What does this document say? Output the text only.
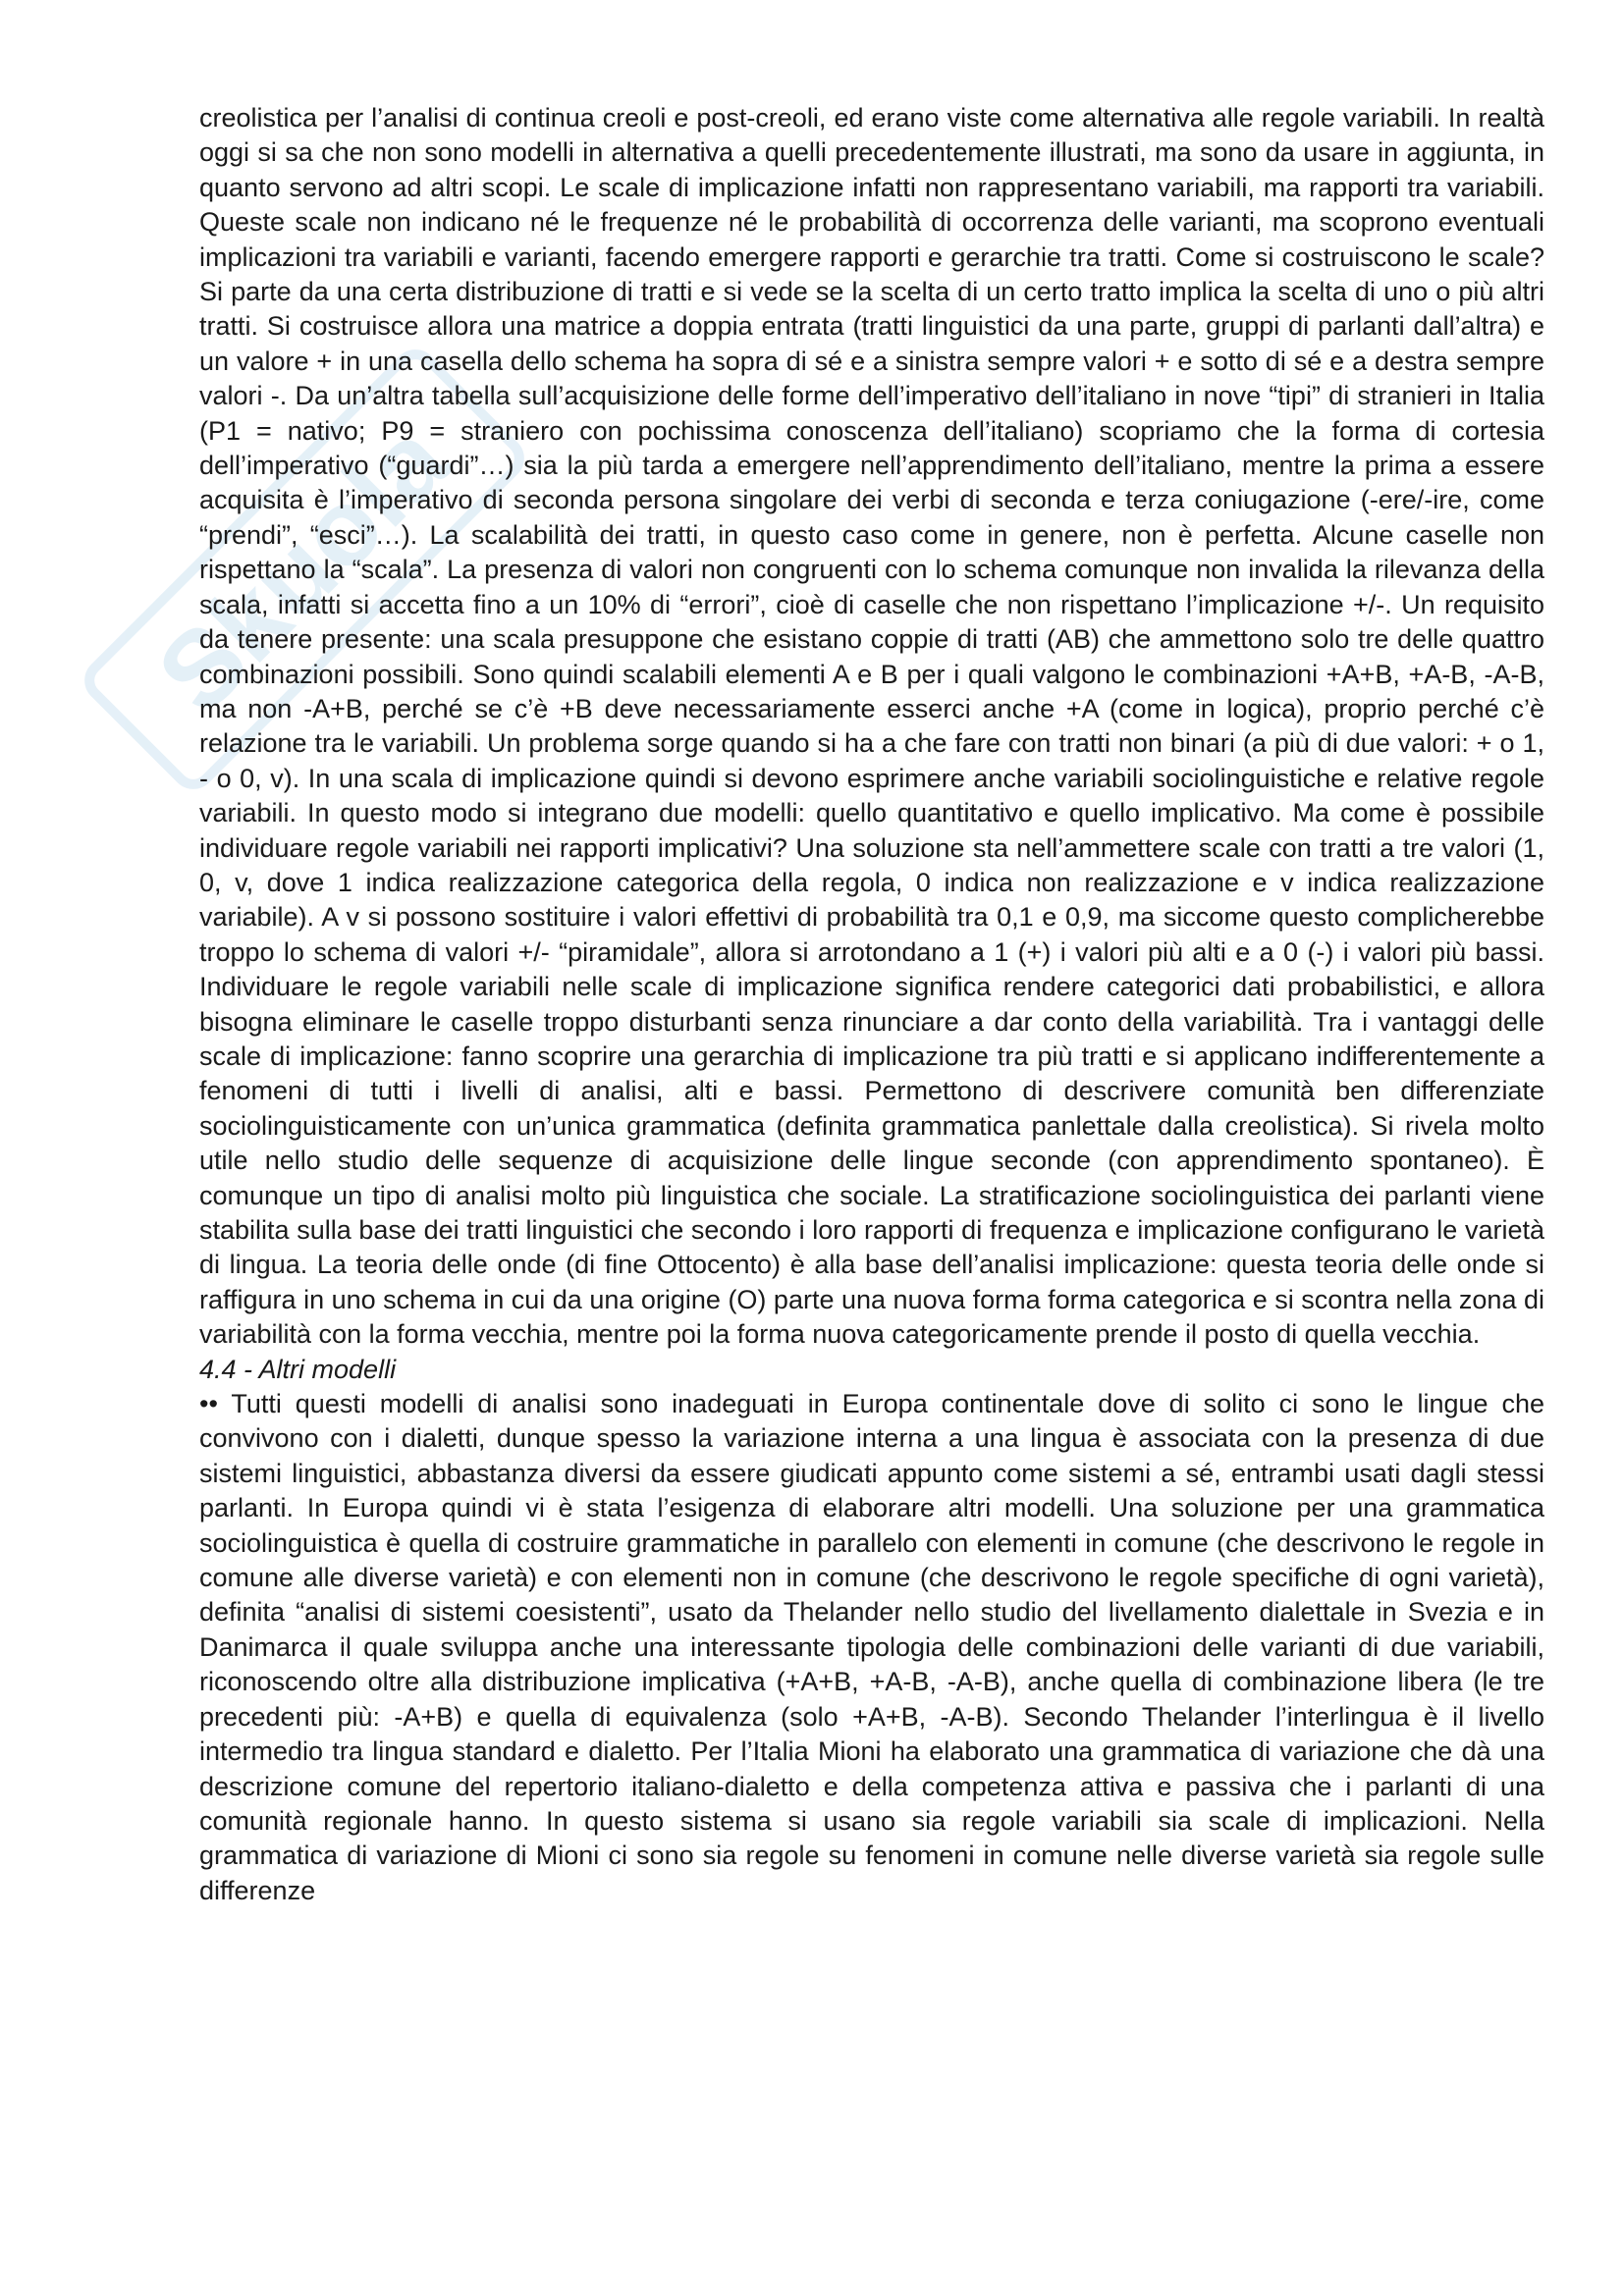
Skuola

creolistica per l’analisi di continua creoli e post-creoli, ed erano viste come alternativa alle regole variabili. In realtà oggi si sa che non sono modelli in alternativa a quelli precedentemente illustrati, ma sono da usare in aggiunta, in quanto servono ad altri scopi. Le scale di implicazione infatti non rappresentano variabili, ma rapporti tra variabili. Queste scale non indicano né le frequenze né le probabilità di occorrenza delle varianti, ma scoprono eventuali implicazioni tra variabili e varianti, facendo emergere rapporti e gerarchie tra tratti. Come si costruiscono le scale? Si parte da una certa distribuzione di tratti e si vede se la scelta di un certo tratto implica la scelta di uno o più altri tratti. Si costruisce allora una matrice a doppia entrata (tratti linguistici da una parte, gruppi di parlanti dall’altra) e un valore + in una casella dello schema ha sopra di sé e a sinistra sempre valori + e sotto di sé e a destra sempre valori -. Da un’altra tabella sull’acquisizione delle forme dell’imperativo dell’italiano in nove “tipi” di stranieri in Italia (P1 = nativo; P9 = straniero con pochissima conoscenza dell’italiano) scopriamo che la forma di cortesia dell’imperativo (“guardi”…) sia la più tarda a emergere nell’apprendimento dell’italiano, mentre la prima a essere acquisita è l’imperativo di seconda persona singolare dei verbi di seconda e terza coniugazione (-ere/-ire, come “prendi”, “esci”…). La scalabilità dei tratti, in questo caso come in genere, non è perfetta. Alcune caselle non rispettano la “scala”. La presenza di valori non congruenti con lo schema comunque non invalida la rilevanza della scala, infatti si accetta fino a un 10% di “errori”, cioè di caselle che non rispettano l’implicazione +/-. Un requisito da tenere presente: una scala presuppone che esistano coppie di tratti (AB) che ammettono solo tre delle quattro combinazioni possibili. Sono quindi scalabili elementi A e B per i quali valgono le combinazioni +A+B, +A-B, -A-B, ma non -A+B, perché se c’è +B deve necessariamente esserci anche +A (come in logica), proprio perché c’è relazione tra le variabili. Un problema sorge quando si ha a che fare con tratti non binari (a più di due valori: + o 1, - o 0, v). In una scala di implicazione quindi si devono esprimere anche variabili sociolinguistiche e relative regole variabili. In questo modo si integrano due modelli: quello quantitativo e quello implicativo. Ma come è possibile individuare regole variabili nei rapporti implicativi? Una soluzione sta nell’ammettere scale con tratti a tre valori (1, 0, v, dove 1 indica realizzazione categorica della regola, 0 indica non realizzazione e v indica realizzazione variabile). A v si possono sostituire i valori effettivi di probabilità tra 0,1 e 0,9, ma siccome questo complicherebbe troppo lo schema di valori +/- “piramidale”, allora si arrotondano a 1 (+) i valori più alti e a 0 (-) i valori più bassi. Individuare le regole variabili nelle scale di implicazione significa rendere categorici dati probabilistici, e allora bisogna eliminare le caselle troppo disturbanti senza rinunciare a dar conto della variabilità. Tra i vantaggi delle scale di implicazione: fanno scoprire una gerarchia di implicazione tra più tratti e si applicano indifferentemente a fenomeni di tutti i livelli di analisi, alti e bassi. Permettono di descrivere comunità ben differenziate sociolinguisticamente con un’unica grammatica (definita grammatica panlettale dalla creolistica). Si rivela molto utile nello studio delle sequenze di acquisizione delle lingue seconde (con apprendimento spontaneo). È comunque un tipo di analisi molto più linguistica che sociale. La stratificazione sociolinguistica dei parlanti viene stabilita sulla base dei tratti linguistici che secondo i loro rapporti di frequenza e implicazione configurano le varietà di lingua. La teoria delle onde (di fine Ottocento) è alla base dell’analisi implicazione: questa teoria delle onde si raffigura in uno schema in cui da una origine (O) parte una nuova forma forma categorica e si scontra nella zona di variabilità con la forma vecchia, mentre poi la forma nuova categoricamente prende il posto di quella vecchia.

4.4 - Altri modelli

•• Tutti questi modelli di analisi sono inadeguati in Europa continentale dove di solito ci sono le lingue che convivono con i dialetti, dunque spesso la variazione interna a una lingua è associata con la presenza di due sistemi linguistici, abbastanza diversi da essere giudicati appunto come sistemi a sé, entrambi usati dagli stessi parlanti. In Europa quindi vi è stata l’esigenza di elaborare altri modelli. Una soluzione per una grammatica sociolinguistica è quella di costruire grammatiche in parallelo con elementi in comune (che descrivono le regole in comune alle diverse varietà) e con elementi non in comune (che descrivono le regole specifiche di ogni varietà), definita “analisi di sistemi coesistenti”, usato da Thelander nello studio del livellamento dialettale in Svezia e in Danimarca il quale sviluppa anche una interessante tipologia delle combinazioni delle varianti di due variabili, riconoscendo oltre alla distribuzione implicativa (+A+B, +A-B, -A-B), anche quella di combinazione libera (le tre precedenti più: -A+B) e quella di equivalenza (solo +A+B, -A-B). Secondo Thelander l’interlingua è il livello intermedio tra lingua standard e dialetto. Per l’Italia Mioni ha elaborato una grammatica di variazione che dà una descrizione comune del repertorio italiano-dialetto e della competenza attiva e passiva che i parlanti di una comunità regionale hanno. In questo sistema si usano sia regole variabili sia scale di implicazioni. Nella grammatica di variazione di Mioni ci sono sia regole su fenomeni in comune nelle diverse varietà sia regole sulle differenze
